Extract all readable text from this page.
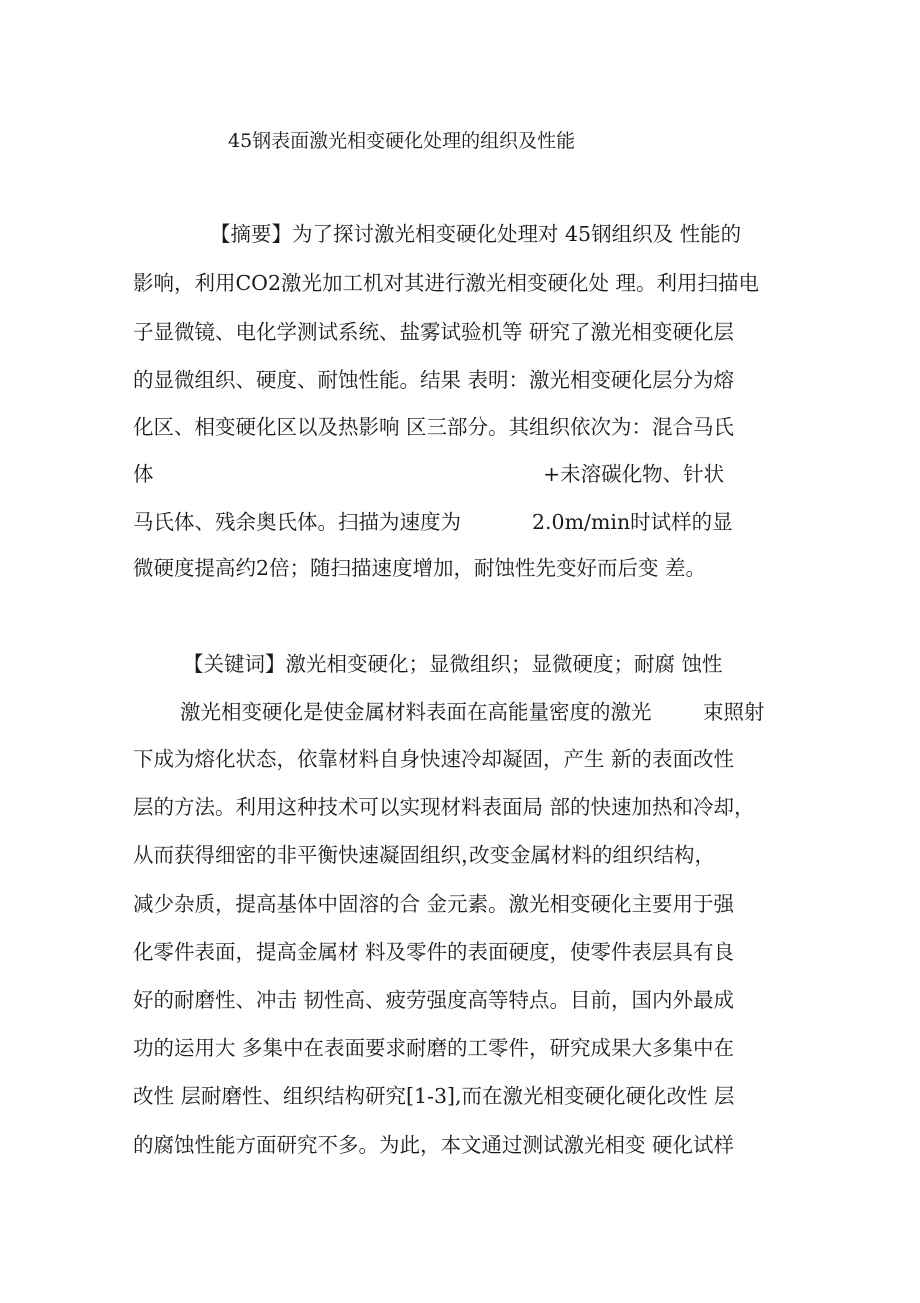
45钢表面激光相变硬化处理的组织及性能
【摘要】为了探讨激光相变硬化处理对 45钢组织及 性能的
影响，利用CO2激光加工机对其进行激光相变硬化处 理。利用扫描电
子显微镜、电化学测试系统、盐雾试验机等 研究了激光相变硬化层
的显微组织、硬度、耐蚀性能。结果 表明：激光相变硬化层分为熔
化区、相变硬化区以及热影响 区三部分。其组织依次为：混合马氏
体	+未溶碳化物、针状
马氏体、残余奥氏体。扫描为速度为	2.0m/min时试样的显
微硬度提高约2倍；随扫描速度增加，耐蚀性先变好而后变 差。
【关键词】激光相变硬化；显微组织；显微硬度；耐腐 蚀性
激光相变硬化是使金属材料表面在高能量密度的激光	束照射
下成为熔化状态，依靠材料自身快速冷却凝固，产生 新的表面改性
层的方法。利用这种技术可以实现材料表面局 部的快速加热和冷却，
从而获得细密的非平衡快速凝固组织，
改变金属材料的组织结构，
减少杂质，提高基体中固溶的合 金元素。激光相变硬化主要用于强
化零件表面，提高金属材 料及零件的表面硬度，使零件表层具有良
好的耐磨性、冲击 韧性高、疲劳强度高等特点。目前，国内外最成
功的运用大 多集中在表面要求耐磨的工零件，研究成果大多集中在
改性 层耐磨性、组织结构研究[1-3],而在激光相变硬化硬化改性 层
的腐蚀性能方面研究不多。为此，本文通过测试激光相变 硬化试样
